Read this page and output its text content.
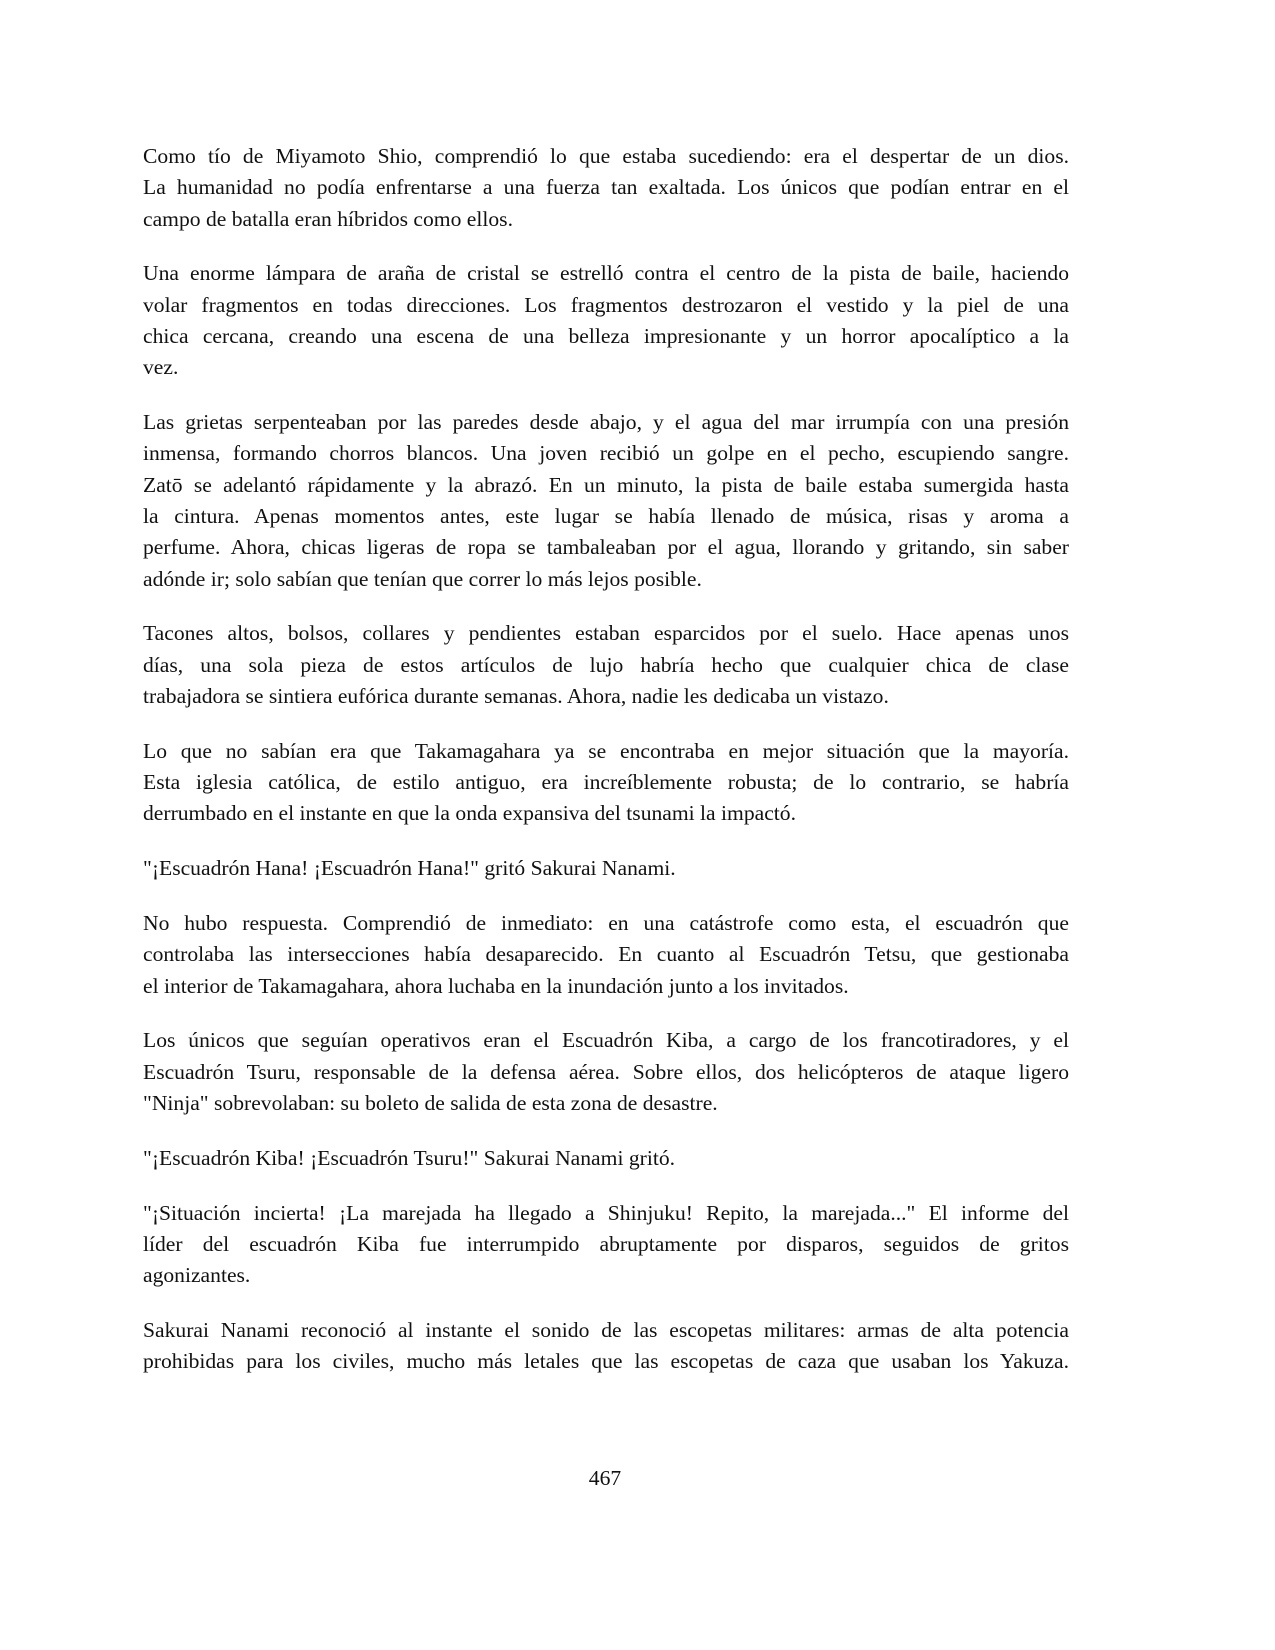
Como tío de Miyamoto Shio, comprendió lo que estaba sucediendo: era el despertar de un dios.
La humanidad no podía enfrentarse a una fuerza tan exaltada. Los únicos que podían entrar en el
campo de batalla eran híbridos como ellos.

Una enorme lámpara de araña de cristal se estrelló contra el centro de la pista de baile, haciendo
volar fragmentos en todas direcciones. Los fragmentos destrozaron el vestido y la piel de una
chica cercana, creando una escena de una belleza impresionante y un horror apocalíptico a la
vez.

Las grietas serpenteaban por las paredes desde abajo, y el agua del mar irrumpía con una presión
inmensa, formando chorros blancos. Una joven recibió un golpe en el pecho, escupiendo sangre.
Zatō se adelantó rápidamente y la abrazó. En un minuto, la pista de baile estaba sumergida hasta
la cintura. Apenas momentos antes, este lugar se había llenado de música, risas y aroma a
perfume. Ahora, chicas ligeras de ropa se tambaleaban por el agua, llorando y gritando, sin saber
adónde ir; solo sabían que tenían que correr lo más lejos posible.

Tacones altos, bolsos, collares y pendientes estaban esparcidos por el suelo. Hace apenas unos
días, una sola pieza de estos artículos de lujo habría hecho que cualquier chica de clase
trabajadora se sintiera eufórica durante semanas. Ahora, nadie les dedicaba un vistazo.

Lo que no sabían era que Takamagahara ya se encontraba en mejor situación que la mayoría.
Esta iglesia católica, de estilo antiguo, era increíblemente robusta; de lo contrario, se habría
derrumbado en el instante en que la onda expansiva del tsunami la impactó.

"¡Escuadrón Hana! ¡Escuadrón Hana!" gritó Sakurai Nanami.

No hubo respuesta. Comprendió de inmediato: en una catástrofe como esta, el escuadrón que
controlaba las intersecciones había desaparecido. En cuanto al Escuadrón Tetsu, que gestionaba
el interior de Takamagahara, ahora luchaba en la inundación junto a los invitados.

Los únicos que seguían operativos eran el Escuadrón Kiba, a cargo de los francotiradores, y el
Escuadrón Tsuru, responsable de la defensa aérea. Sobre ellos, dos helicópteros de ataque ligero
"Ninja" sobrevolaban: su boleto de salida de esta zona de desastre.

"¡Escuadrón Kiba! ¡Escuadrón Tsuru!" Sakurai Nanami gritó.

"¡Situación incierta! ¡La marejada ha llegado a Shinjuku! Repito, la marejada..." El informe del
líder del escuadrón Kiba fue interrumpido abruptamente por disparos, seguidos de gritos
agonizantes.

Sakurai Nanami reconoció al instante el sonido de las escopetas militares: armas de alta potencia
prohibidas para los civiles, mucho más letales que las escopetas de caza que usaban los Yakuza.

467
